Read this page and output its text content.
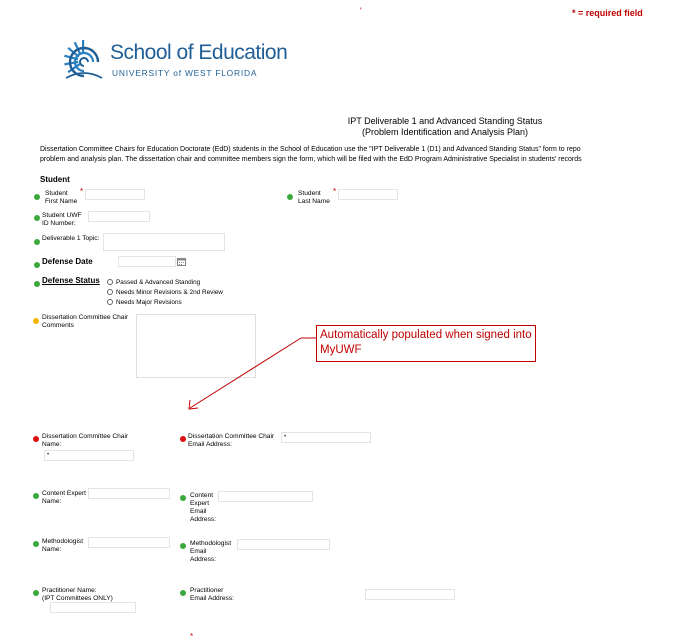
* = required field
'
School of Education
UNIVERSITY of WEST FLORIDA
IPT Deliverable 1 and Advanced Standing Status
(Problem Identification and Analysis Plan)
Dissertation Committee Chairs for Education Doctorate (EdD) students in the School of Education use the "IPT Deliverable 1 (D1) and Advanced Standing Status" form to repo
problem and analysis plan. The dissertation chair and committee members sign the form, which will be filed with the EdD Program Administrative Specialist in students' records
Student
Student
First Name
*	Student
Last Name
*
Student UWF
ID Number:
Deliverable 1 Topic:
Defense Date
Defense Status	Passed & Advanced Standing
Needs Minor Revisions & 2nd Review
Needs Major Revisions
Dissertation Committee Chair
Comments
Automatically populated when signed into MyUWF
Dissertation Committee Chair
Name:
•
Dissertation Committee Chair
Email Address:
•
Content Expert
Name:
Content
Expert
Email
Address:
Methodologist
Name:
Methodologist
Email
Address:
Practitioner Name:
(IPT Committees ONLY)
Practitioner
Email Address:
*
